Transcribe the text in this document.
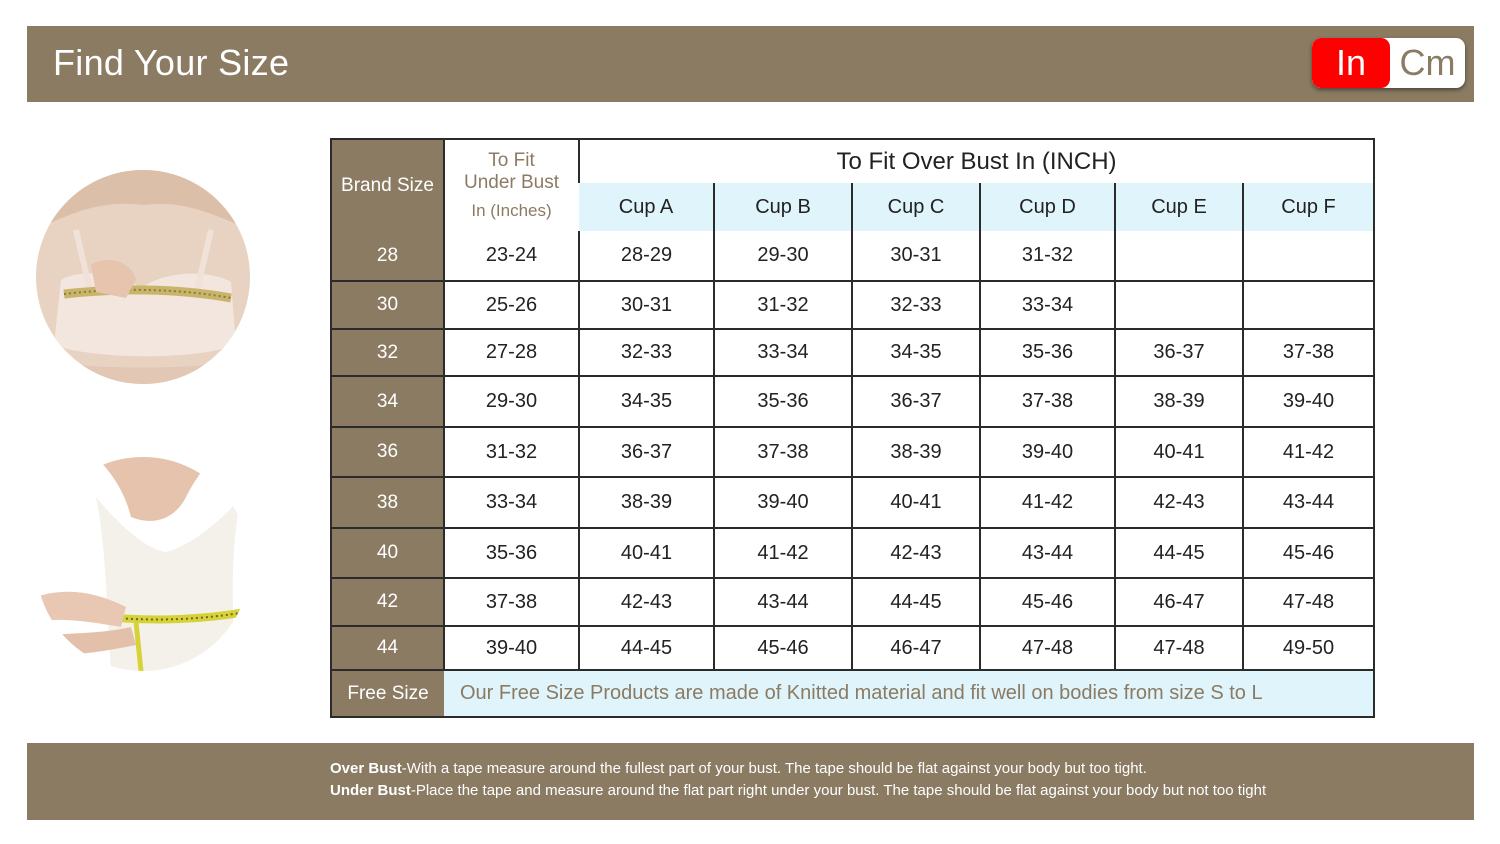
Find Your Size	In Cm
Brand Size	To Fit
Under Bust
In (Inches)	To Fit Over Bust In (INCH)					
		Cup A	Cup B	Cup C	Cup D	Cup E	Cup F
28	23-24	28-29	29-30	30-31	31-32		
30	25-26	30-31	31-32	32-33	33-34		
32	27-28	32-33	33-34	34-35	35-36	36-37	37-38
34	29-30	34-35	35-36	36-37	37-38	38-39	39-40
36	31-32	36-37	37-38	38-39	39-40	40-41	41-42
38	33-34	38-39	39-40	40-41	41-42	42-43	43-44
40	35-36	40-41	41-42	42-43	43-44	44-45	45-46
42	37-38	42-43	43-44	44-45	45-46	46-47	47-48
44	39-40	44-45	45-46	46-47	47-48	47-48	49-50
Free Size	Our Free Size Products are made of Knitted material and fit well on bodies from size S to L						
Over Bust-With a tape measure around the fullest part of your bust. The tape should be flat against your body but too tight.
Under Bust-Place the tape and measure around the flat part right under your bust. The tape should be flat against your body but not too tight
